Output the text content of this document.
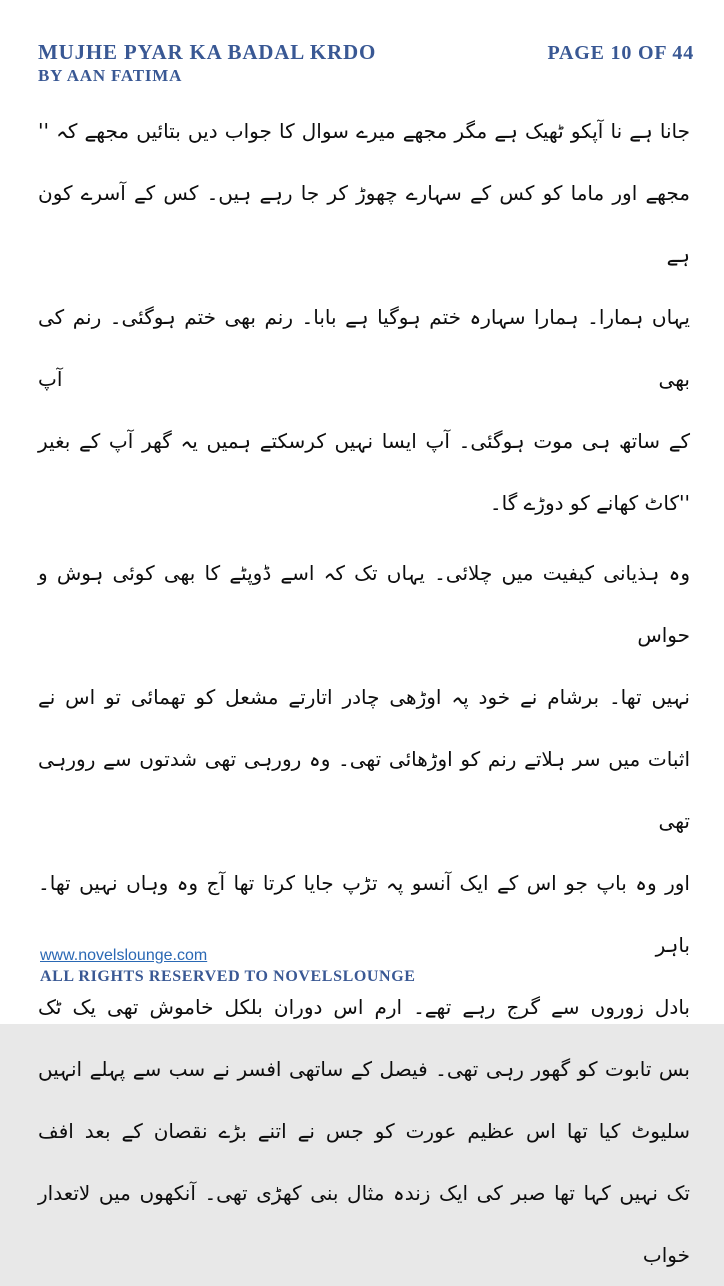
MUJHE PYAR KA BADAL KRDO	PAGE 10 OF 44
BY AAN FATIMA
جانا ہے نا آپکو ٹھیک ہے مگر مجھے میرے سوال کا جواب دیں بتائیں مجھے کہ ''
مجھے اور ماما کو کس کے سہارے چھوڑ کر جا رہے ہیں۔ کس کے آسرے کون ہے
یہاں ہمارا۔ ہمارا سہارہ ختم ہوگیا ہے بابا۔ رنم بھی ختم ہوگئی۔ رنم کی بھی آپ
کے ساتھ ہی موت ہوگئی۔ آپ ایسا نہیں کرسکتے ہمیں یہ گھر آپ کے بغیر
''کاٹ کھانے کو دوڑے گا۔
وہ ہذیانی کیفیت میں چلائی۔ یہاں تک کہ اسے ڈوپٹے کا بھی کوئی ہوش و حواس
نہیں تھا۔ برشام نے خود پہ اوڑھی چادر اتارتے مشعل کو تھمائی تو اس نے
اثبات میں سر ہلاتے رنم کو اوڑھائی تھی۔ وہ رورہی تھی شدتوں سے رورہی تھی
اور وہ باپ جو اس کے ایک آنسو پہ تڑپ جایا کرتا تھا آج وہ وہاں نہیں تھا۔ باہر
بادل زوروں سے گرج رہے تھے۔ ارم اس دوران بلکل خاموش تھی یک ٹک
بس تابوت کو گھور رہی تھی۔ فیصل کے ساتھی افسر نے سب سے پہلے انہیں
سلیوٹ کیا تھا اس عظیم عورت کو جس نے اتنے بڑے نقصان کے بعد افف
تک نہیں کہا تھا صبر کی ایک زندہ مثال بنی کھڑی تھی۔ آنکھوں میں لاتعدار خواب
www.novelslounge.com
ALL RIGHTS RESERVED TO NOVELSLOUNGE
